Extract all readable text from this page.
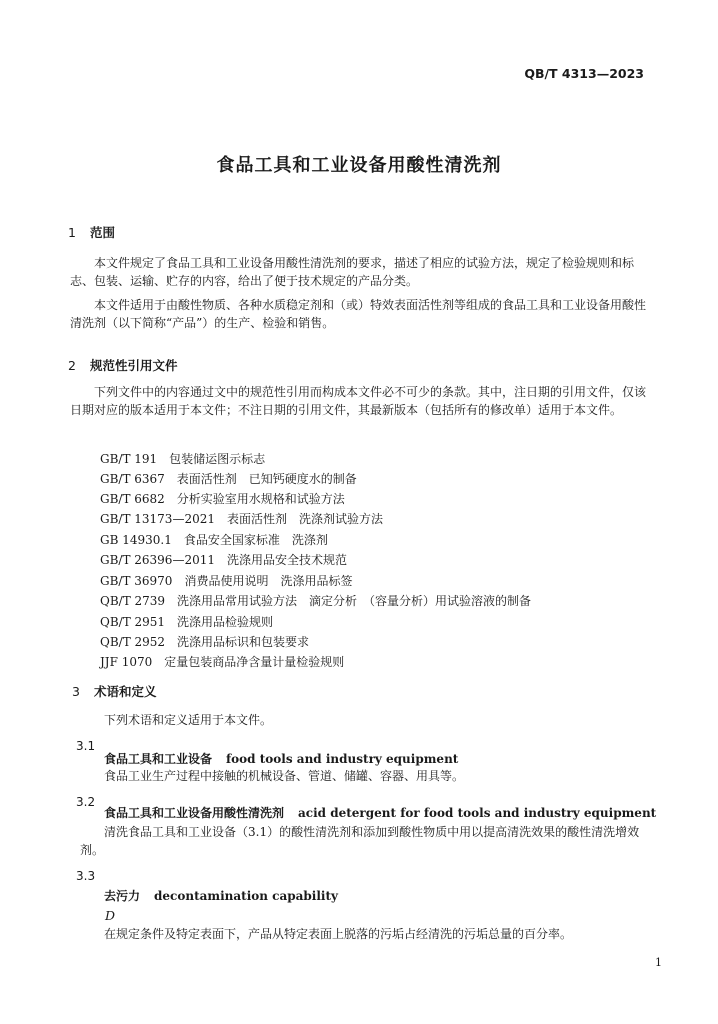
QB/T 4313—2023
食品工具和工业设备用酸性清洗剂
1 范围
本文件规定了食品工具和工业设备用酸性清洗剂的要求，描述了相应的试验方法，规定了检验规则和标志、包装、运输、贮存的内容，给出了便于技术规定的产品分类。
本文件适用于由酸性物质、各种水质稳定剂和（或）特效表面活性剂等组成的食品工具和工业设备用酸性清洗剂（以下简称“产品”）的生产、检验和销售。
2 规范性引用文件
下列文件中的内容通过文中的规范性引用而构成本文件必不可少的条款。其中，注日期的引用文件，仅该日期对应的版本适用于本文件；不注日期的引用文件，其最新版本（包括所有的修改单）适用于本文件。
GB/T 191　包装储运图示标志
GB/T 6367　表面活性剂　已知钙硬度水的制备
GB/T 6682　分析实验室用水规格和试验方法
GB/T 13173—2021　表面活性剂　洗涤剂试验方法
GB 14930.1　食品安全国家标准　洗涤剂
GB/T 26396—2011　洗涤用品安全技术规范
GB/T 36970　消费品使用说明　洗涤用品标签
QB/T 2739　洗涤用品常用试验方法　滴定分析　（容量分析）用试验溶液的制备
QB/T 2951　洗涤用品检验规则
QB/T 2952　洗涤用品标识和包装要求
JJF 1070　定量包装商品净含量计量检验规则
3 术语和定义
下列术语和定义适用于本文件。
3.1
食品工具和工业设备 food tools and industry equipment
食品工业生产过程中接触的机械设备、管道、储罐、容器、用具等。
3.2
食品工具和工业设备用酸性清洗剂 acid detergent for food tools and industry equipment
清洗食品工具和工业设备（3.1）的酸性清洗剂和添加到酸性物质中用以提高清洗效果的酸性清洗增效剂。
3.3
去污力 decontamination capability
D
在规定条件及特定表面下，产品从特定表面上脱落的污垢占经清洗的污垢总量的百分率。
1
